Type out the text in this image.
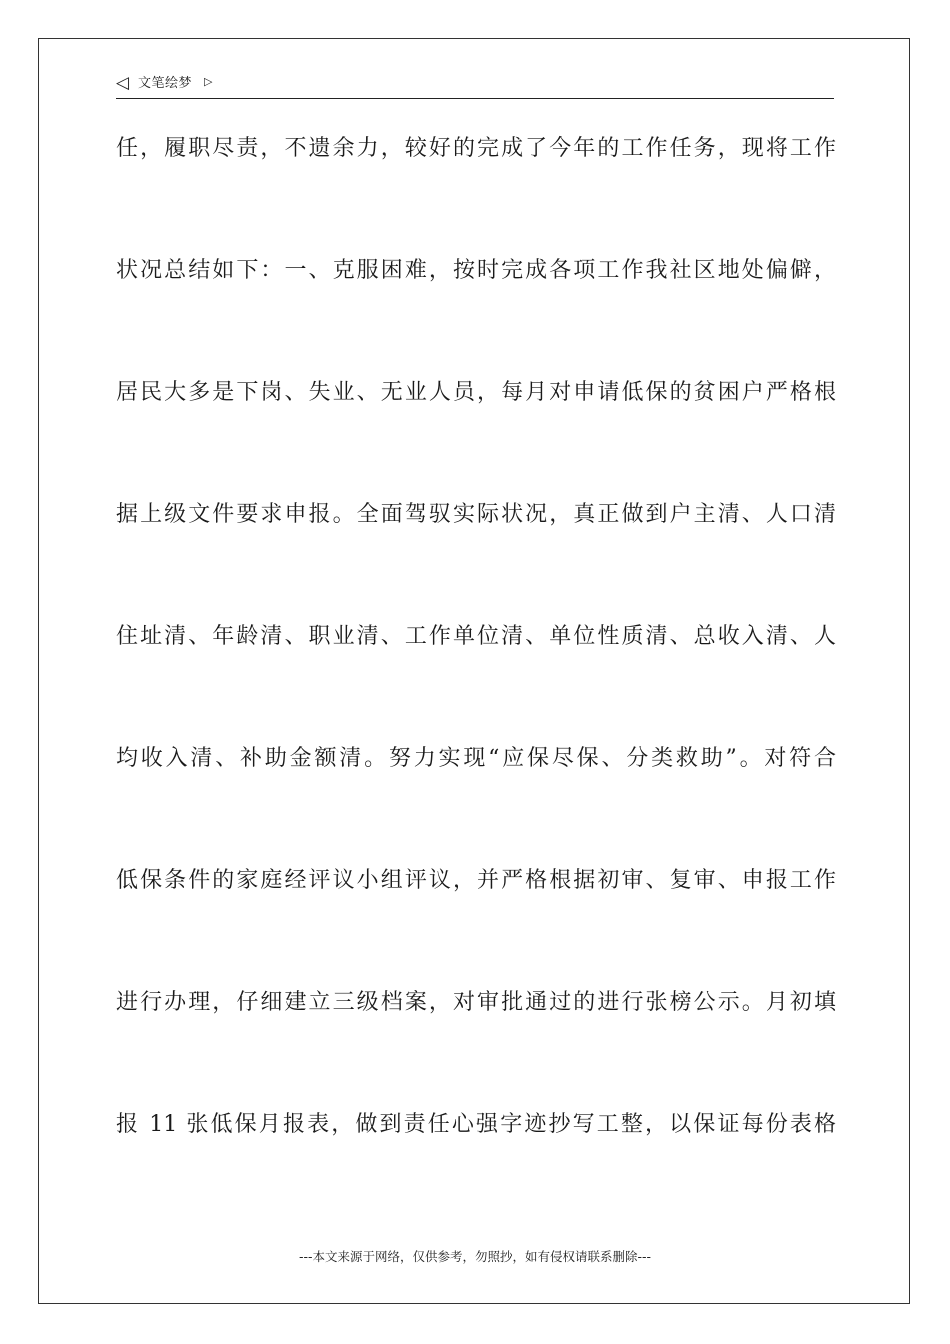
◁ 文笔绘梦 ▷
任，履职尽责，不遗余力，较好的完成了今年的工作任务，现将工作
状况总结如下：一、克服困难，按时完成各项工作我社区地处偏僻，
居民大多是下岗、失业、无业人员，每月对申请低保的贫困户严格根
据上级文件要求申报。全面驾驭实际状况，真正做到户主清、人口清
住址清、年龄清、职业清、工作单位清、单位性质清、总收入清、人
均收入清、补助金额清。努力实现“应保尽保、分类救助”。对符合
低保条件的家庭经评议小组评议，并严格根据初审、复审、申报工作
进行办理，仔细建立三级档案，对审批通过的进行张榜公示。月初填
报 11 张低保月报表，做到责任心强字迹抄写工整，以保证每份表格
---本文来源于网络，仅供参考，勿照抄，如有侵权请联系删除---
